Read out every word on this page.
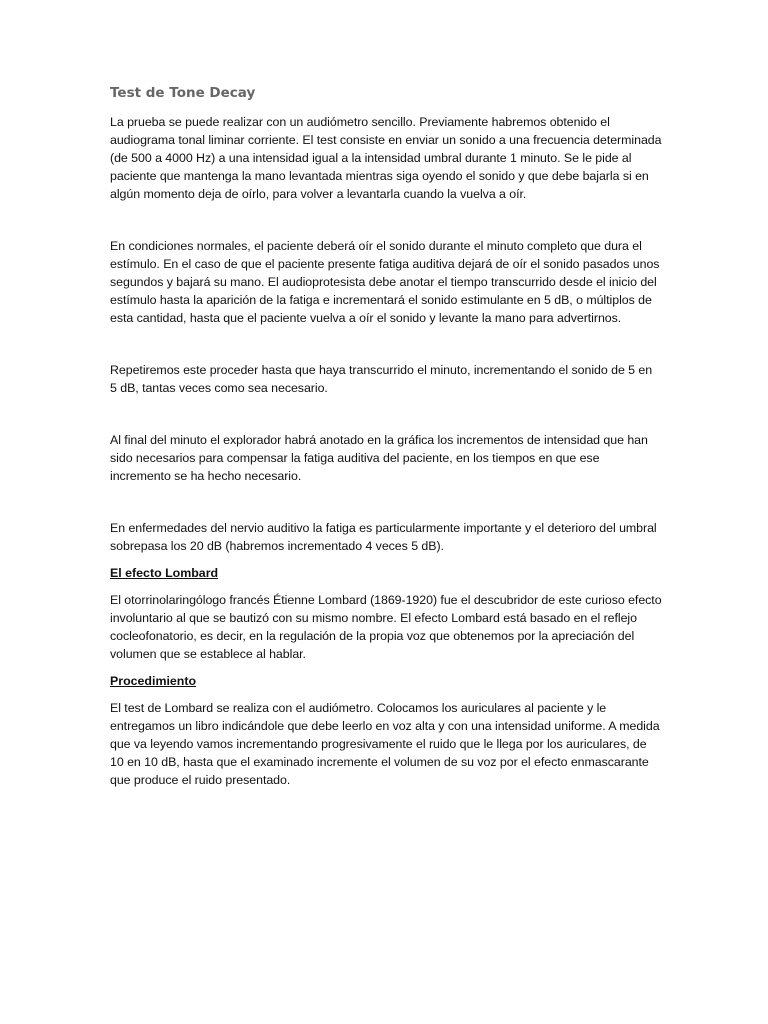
Test de Tone Decay

La prueba se puede realizar con un audiómetro sencillo. Previamente habremos obtenido el audiograma tonal liminar corriente. El test consiste en enviar un sonido a una frecuencia determinada (de 500 a 4000 Hz) a una intensidad igual a la intensidad umbral durante 1 minuto. Se le pide al paciente que mantenga la mano levantada mientras siga oyendo el sonido y que debe bajarla si en algún momento deja de oírlo, para volver a levantarla cuando la vuelva a oír.

En condiciones normales, el paciente deberá oír el sonido durante el minuto completo que dura el estímulo. En el caso de que el paciente presente fatiga auditiva dejará de oír el sonido pasados unos segundos y bajará su mano. El audioprotesista debe anotar el tiempo transcurrido desde el inicio del estímulo hasta la aparición de la fatiga e incrementará el sonido estimulante en 5 dB, o múltiplos de esta cantidad, hasta que el paciente vuelva a oír el sonido y levante la mano para advertirnos.

Repetiremos este proceder hasta que haya transcurrido el minuto, incrementando el sonido de 5 en 5 dB, tantas veces como sea necesario.

Al final del minuto el explorador habrá anotado en la gráfica los incrementos de intensidad que han sido necesarios para compensar la fatiga auditiva del paciente, en los tiempos en que ese incremento se ha hecho necesario.

En enfermedades del nervio auditivo la fatiga es particularmente importante y el deterioro del umbral sobrepasa los 20 dB (habremos incrementado 4 veces 5 dB).

El efecto Lombard

El otorrinolaringólogo francés Étienne Lombard (1869-1920) fue el descubridor de este curioso efecto involuntario al que se bautizó con su mismo nombre. El efecto Lombard está basado en el reflejo cocleofonatorio, es decir, en la regulación de la propia voz que obtenemos por la apreciación del volumen que se establece al hablar.

Procedimiento

El test de Lombard se realiza con el audiómetro. Colocamos los auriculares al paciente y le entregamos un libro indicándole que debe leerlo en voz alta y con una intensidad uniforme. A medida que va leyendo vamos incrementando progresivamente el ruido que le llega por los auriculares, de 10 en 10 dB, hasta que el examinado incremente el volumen de su voz por el efecto enmascarante que produce el ruido presentado.
